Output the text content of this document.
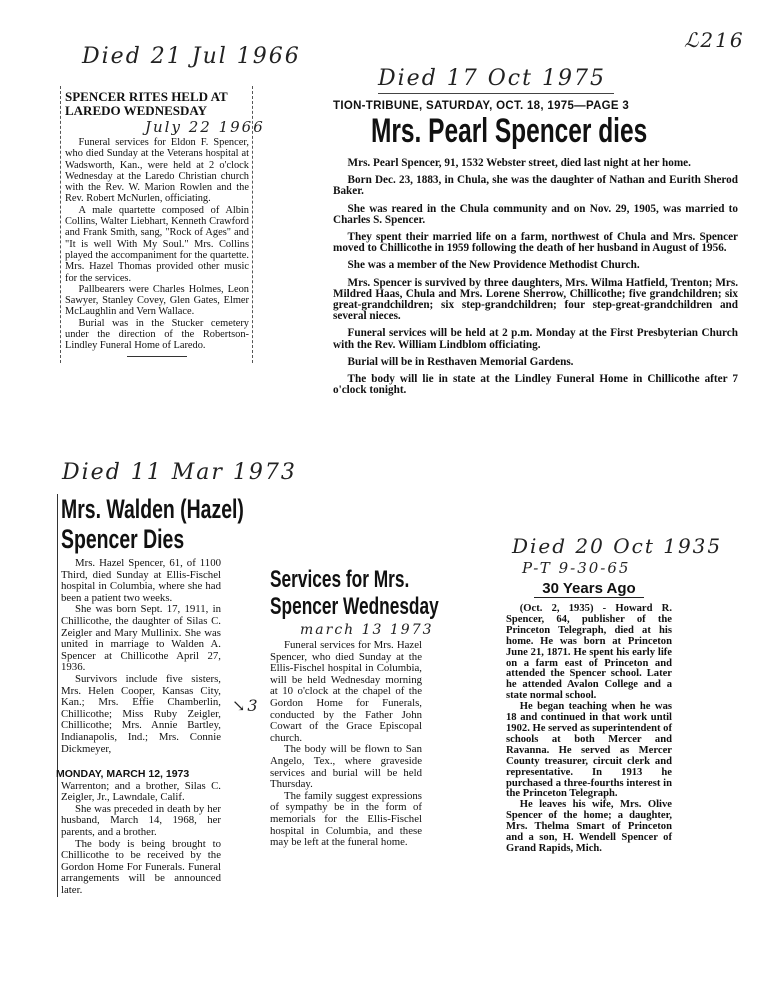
ℒ216
↘3
Died 21 Jul 1966
SPENCER RITES HELD AT LAREDO WEDNESDAY
July 22 1966

Funeral services for Eldon F. Spencer, who died Sunday at the Veterans hospital at Wadsworth, Kan., were held at 2 o'clock Wednesday at the Laredo Christian church with the Rev. W. Marion Rowlen and the Rev. Robert McNurlen, officiating.

A male quartette composed of Albin Collins, Walter Liebhart, Kenneth Crawford and Frank Smith, sang, "Rock of Ages" and "It is well With My Soul." Mrs. Collins played the accompaniment for the quartette. Mrs. Hazel Thomas provided other music for the services.

Pallbearers were Charles Holmes, Leon Sawyer, Stanley Covey, Glen Gates, Elmer McLaughlin and Vern Wallace.

Burial was in the Stucker cemetery under the direction of the Robertson-Lindley Funeral Home of Laredo.

Died 17 Oct 1975
TION-TRIBUNE, SATURDAY, OCT. 18, 1975—PAGE 3
Mrs. Pearl Spencer dies

Mrs. Pearl Spencer, 91, 1532 Webster street, died last night at her home.

Born Dec. 23, 1883, in Chula, she was the daughter of Nathan and Eurith Sherod Baker.

She was reared in the Chula community and on Nov. 29, 1905, was married to Charles S. Spencer.

They spent their married life on a farm, northwest of Chula and Mrs. Spencer moved to Chillicothe in 1959 following the death of her husband in August of 1956.

She was a member of the New Providence Methodist Church.

Mrs. Spencer is survived by three daughters, Mrs. Wilma Hatfield, Trenton; Mrs. Mildred Haas, Chula and Mrs. Lorene Sherrow, Chillicothe; five grandchildren; six great-grandchildren; six step-grandchildren; four step-great-grandchildren and several nieces.

Funeral services will be held at 2 p.m. Monday at the First Presbyterian Church with the Rev. William Lindblom officiating.

Burial will be in Resthaven Memorial Gardens.

The body will lie in state at the Lindley Funeral Home in Chillicothe after 7 o'clock tonight.

Died 11 Mar 1973
Mrs. Walden (Hazel)
Spencer Dies

Mrs. Hazel Spencer, 61, of 1100 Third, died Sunday at Ellis-Fischel hospital in Columbia, where she had been a patient two weeks.

She was born Sept. 17, 1911, in Chillicothe, the daughter of Silas C. Zeigler and Mary Mullinix. She was united in marriage to Walden A. Spencer at Chillicothe April 27, 1936.

Survivors include five sisters, Mrs. Helen Cooper, Kansas City, Kan.; Mrs. Effie Chamberlin, Chillicothe; Miss Ruby Zeigler, Chillicothe; Mrs. Annie Bartley, Indianapolis, Ind.; Mrs. Connie Dickmeyer,

MONDAY, MARCH 12, 1973

Warrenton; and a brother, Silas C. Zeigler, Jr., Lawndale, Calif.

She was preceded in death by her husband, March 14, 1968, her parents, and a brother.

The body is being brought to Chillicothe to be received by the Gordon Home For Funerals. Funeral arrangements will be announced later.

Services for Mrs.
Spencer Wednesday
march 13 1973

Funeral services for Mrs. Hazel Spencer, who died Sunday at the Ellis-Fischel hospital in Columbia, will be held Wednesday morning at 10 o'clock at the chapel of the Gordon Home for Funerals, conducted by the Father John Cowart of the Grace Episcopal church.

The body will be flown to San Angelo, Tex., where graveside services and burial will be held Thursday.

The family suggest expressions of sympathy be in the form of memorials for the Ellis-Fischel hospital in Columbia, and these may be left at the funeral home.

Died 20 Oct 1935
P-T 9-30-65
30 Years Ago

(Oct. 2, 1935) - Howard R. Spencer, 64, publisher of the Princeton Telegraph, died at his home. He was born at Princeton June 21, 1871. He spent his early life on a farm east of Princeton and attended the Spencer school. Later he attended Avalon College and a state normal school.

He began teaching when he was 18 and continued in that work until 1902. He served as superintendent of schools at both Mercer and Ravanna. He served as Mercer County treasurer, circuit clerk and representative. In 1913 he purchased a three-fourths interest in the Princeton Telegraph.

He leaves his wife, Mrs. Olive Spencer of the home; a daughter, Mrs. Thelma Smart of Princeton and a son, H. Wendell Spencer of Grand Rapids, Mich.
